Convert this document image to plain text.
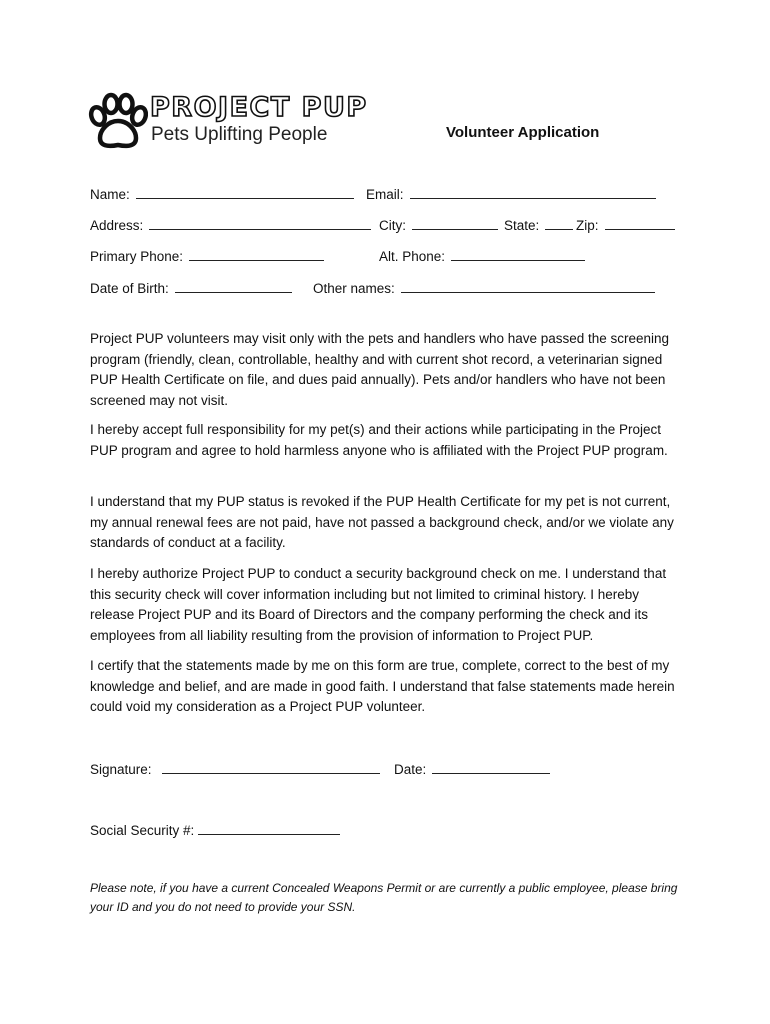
PROJECT PUP
Pets Uplifting People	Volunteer Application
Name:	Email:
Address:	City:	State:	Zip:
Primary Phone:	Alt. Phone:
Date of Birth:	Other names:

Project PUP volunteers may visit only with the pets and handlers who have passed the screening program (friendly, clean, controllable, healthy and with current shot record, a veterinarian signed PUP Health Certificate on file, and dues paid annually). Pets and/or handlers who have not been screened may not visit.

I hereby accept full responsibility for my pet(s) and their actions while participating in the Project PUP program and agree to hold harmless anyone who is affiliated with the Project PUP program.

I understand that my PUP status is revoked if the PUP Health Certificate for my pet is not current, my annual renewal fees are not paid, have not passed a background check, and/or we violate any standards of conduct at a facility.

I hereby authorize Project PUP to conduct a security background check on me. I understand that this security check will cover information including but not limited to criminal history. I hereby release Project PUP and its Board of Directors and the company performing the check and its employees from all liability resulting from the provision of information to Project PUP.

I certify that the statements made by me on this form are true, complete, correct to the best of my knowledge and belief, and are made in good faith. I understand that false statements made herein could void my consideration as a Project PUP volunteer.

Signature:	Date:
Social Security #:
Please note, if you have a current Concealed Weapons Permit or are currently a public employee, please bring your ID and you do not need to provide your SSN.
